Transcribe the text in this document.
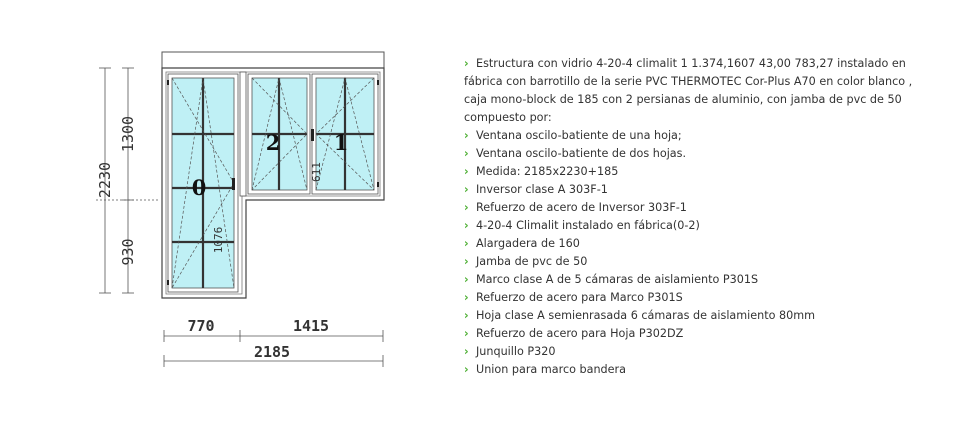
0
2	1
1076
611
2230
1300
930
770	1415
2185
› Estructura con vidrio 4-20-4 climalit 1 1.374,1607 43,00 783,27 instalado en fábrica con barrotillo de la serie PVC THERMOTEC Cor-Plus A70 en color blanco , caja mono-block de 185 con 2 persianas de aluminio, con jamba de pvc de 50 compuesto por:
› Ventana oscilo-batiente de una hoja;
› Ventana oscilo-batiente de dos hojas.
› Medida: 2185x2230+185
› Inversor clase A 303F-1
› Refuerzo de acero de Inversor 303F-1
› 4-20-4 Climalit instalado en fábrica(0-2)
› Alargadera de 160
› Jamba de pvc de 50
› Marco clase A de 5 cámaras de aislamiento P301S
› Refuerzo de acero para Marco P301S
› Hoja clase A semienrasada 6 cámaras de aislamiento 80mm
› Refuerzo de acero para Hoja P302DZ
› Junquillo P320
› Union para marco bandera
